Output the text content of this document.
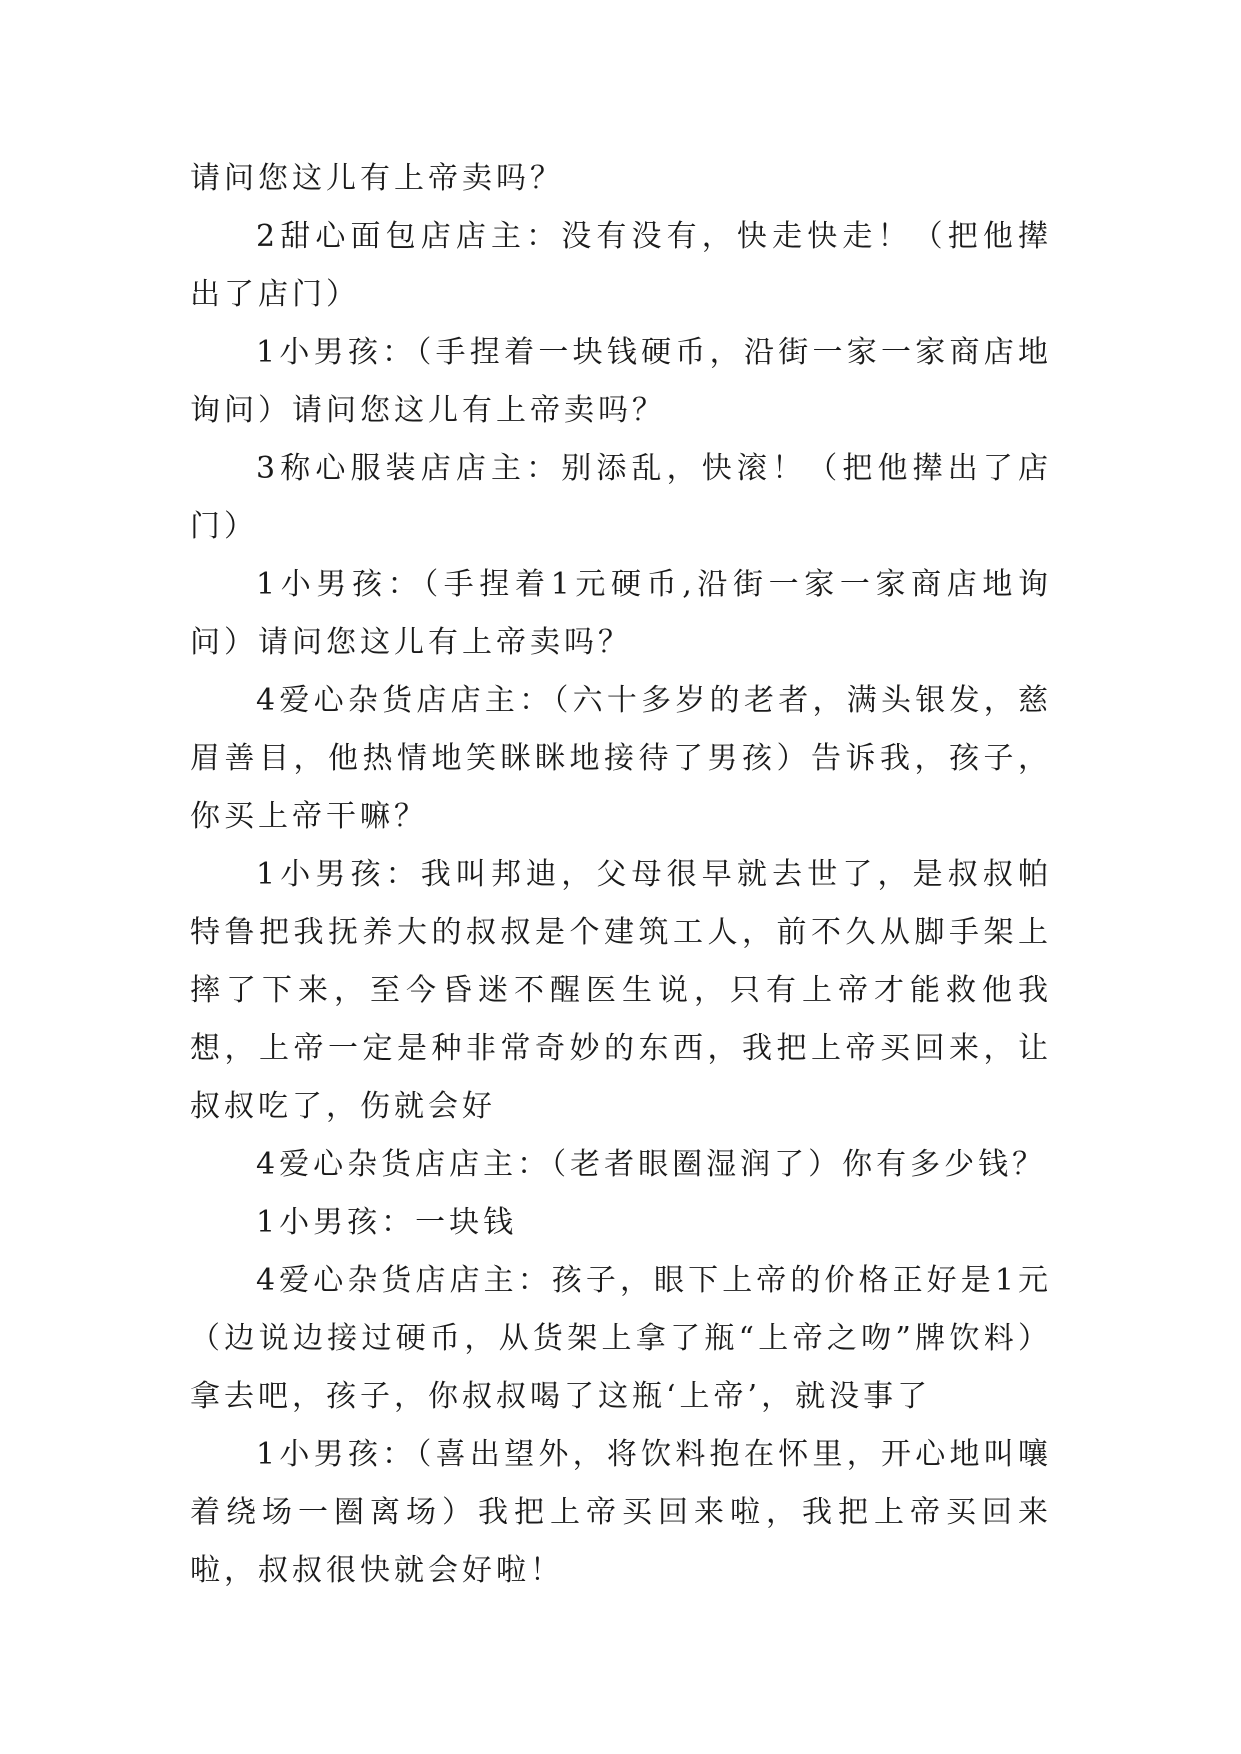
请问您这儿有上帝卖吗？

2甜心面包店店主：没有没有，快走快走！（把他撵出了店门）

1小男孩：（手捏着一块钱硬币，沿街一家一家商店地询问）请问您这儿有上帝卖吗？

3称心服装店店主：别添乱，快滚！（把他撵出了店门）

1小男孩：（手捏着1元硬币,沿街一家一家商店地询问）请问您这儿有上帝卖吗？

4爱心杂货店店主：（六十多岁的老者，满头银发，慈眉善目，他热情地笑眯眯地接待了男孩）告诉我，孩子，你买上帝干嘛？

1小男孩：我叫邦迪，父母很早就去世了，是叔叔帕特鲁把我抚养大的叔叔是个建筑工人，前不久从脚手架上摔了下来，至今昏迷不醒医生说，只有上帝才能救他我想，上帝一定是种非常奇妙的东西，我把上帝买回来，让叔叔吃了，伤就会好

4爱心杂货店店主：（老者眼圈湿润了）你有多少钱？

1小男孩：一块钱

4爱心杂货店店主：孩子，眼下上帝的价格正好是1元（边说边接过硬币，从货架上拿了瓶“上帝之吻”牌饮料）拿去吧，孩子，你叔叔喝了这瓶‘上帝’，就没事了

1小男孩：（喜出望外，将饮料抱在怀里，开心地叫嚷着绕场一圈离场）我把上帝买回来啦，我把上帝买回来啦，叔叔很快就会好啦！
